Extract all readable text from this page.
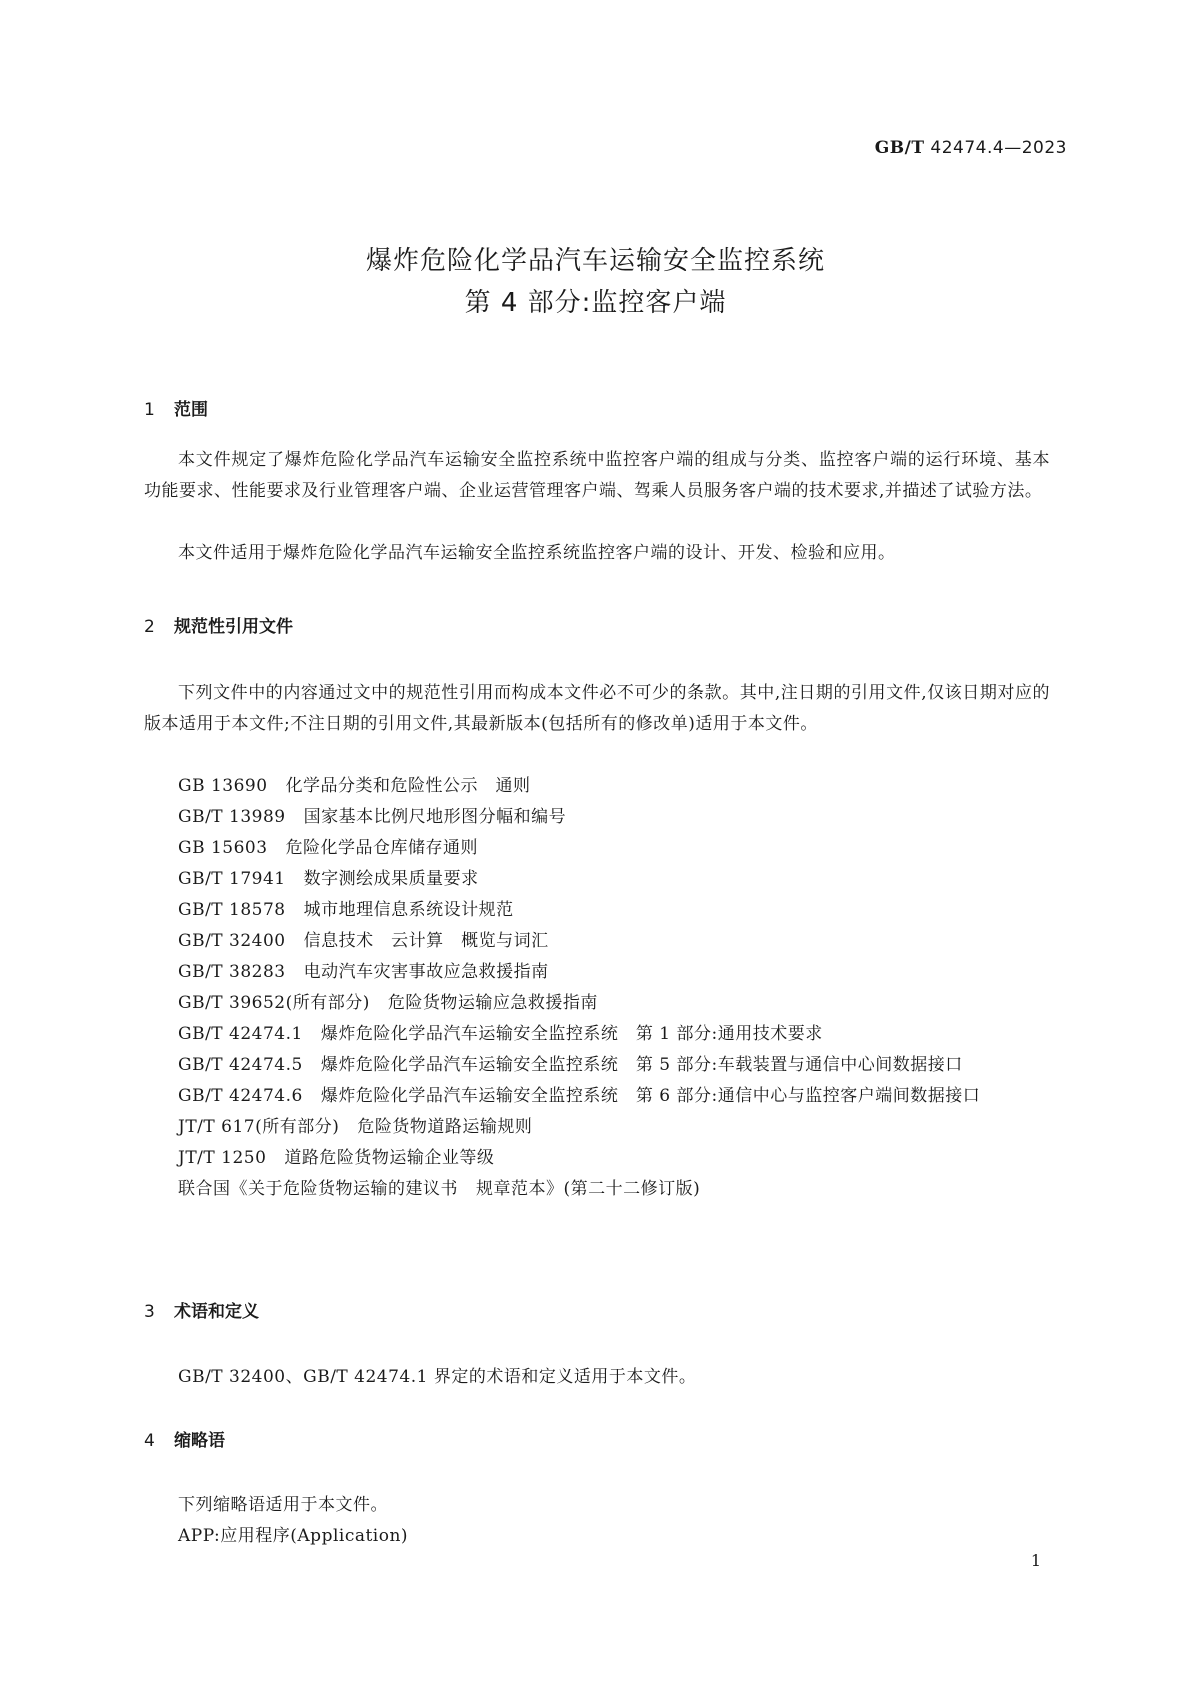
GB/T 42474.4—2023
爆炸危险化学品汽车运输安全监控系统
第 4 部分:监控客户端
1 范围
本文件规定了爆炸危险化学品汽车运输安全监控系统中监控客户端的组成与分类、监控客户端的运行环境、基本功能要求、性能要求及行业管理客户端、企业运营管理客户端、驾乘人员服务客户端的技术要求,并描述了试验方法。
本文件适用于爆炸危险化学品汽车运输安全监控系统监控客户端的设计、开发、检验和应用。
2 规范性引用文件
下列文件中的内容通过文中的规范性引用而构成本文件必不可少的条款。其中,注日期的引用文件,仅该日期对应的版本适用于本文件;不注日期的引用文件,其最新版本(包括所有的修改单)适用于本文件。
GB 13690 化学品分类和危险性公示　通则
GB/T 13989 国家基本比例尺地形图分幅和编号
GB 15603 危险化学品仓库储存通则
GB/T 17941 数字测绘成果质量要求
GB/T 18578 城市地理信息系统设计规范
GB/T 32400 信息技术　云计算　概览与词汇
GB/T 38283 电动汽车灾害事故应急救援指南
GB/T 39652(所有部分) 危险货物运输应急救援指南
GB/T 42474.1 爆炸危险化学品汽车运输安全监控系统　第 1 部分:通用技术要求
GB/T 42474.5 爆炸危险化学品汽车运输安全监控系统　第 5 部分:车载装置与通信中心间数据接口
GB/T 42474.6 爆炸危险化学品汽车运输安全监控系统　第 6 部分:通信中心与监控客户端间数据接口
JT/T 617(所有部分) 危险货物道路运输规则
JT/T 1250 道路危险货物运输企业等级
联合国《关于危险货物运输的建议书 规章范本》(第二十二修订版)
3 术语和定义
GB/T 32400、GB/T 42474.1 界定的术语和定义适用于本文件。
4 缩略语
下列缩略语适用于本文件。
APP:应用程序(Application)
1
